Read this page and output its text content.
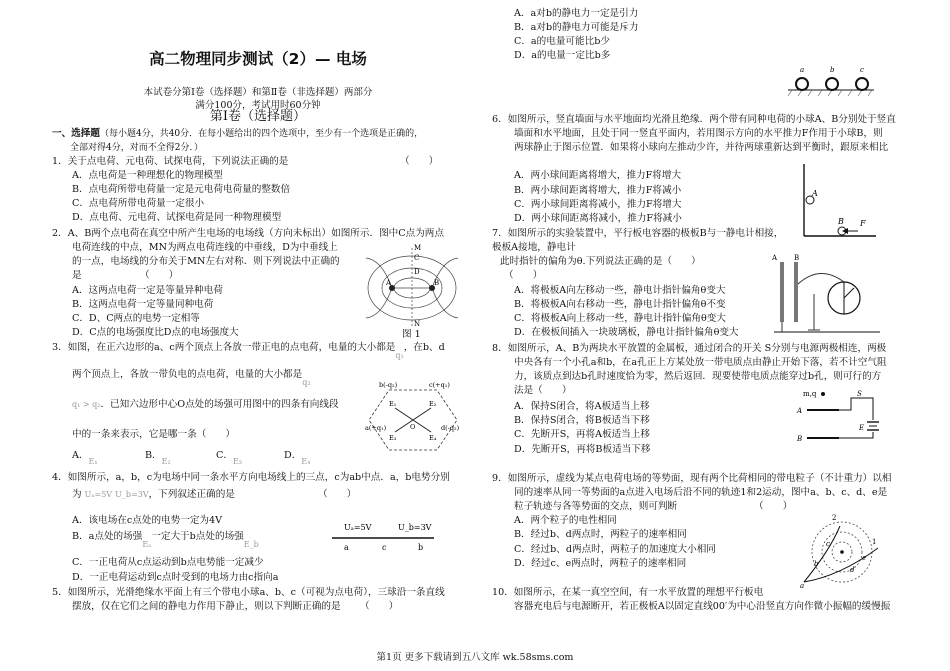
高二物理同步测试（2）— 电场
本试卷分第Ⅰ卷（选择题）和第Ⅱ卷（非选择题）两部分
满分100分，考试用时60分钟
第Ⅰ卷（选择题）
一、选择题（每小题4分，共40分．在每小题给出的四个选项中，至少有一个选项是正确的，
全部对得4分，对而不全得2分．）
1．关于点电荷、元电荷、试探电荷，下列说法正确的是	（　　）
A．点电荷是一种理想化的物理模型
B．点电荷所带电荷量一定是元电荷电荷量的整数倍
C．点电荷所带电荷量一定很小
D．点电荷、元电荷、试探电荷是同一种物理模型
2．A、B两个点电荷在真空中所产生电场的电场线（方向未标出）如图所示．图中C点为两点
电荷连线的中点，MN为两点电荷连线的中垂线，D为中垂线上
的一点，电场线的分布关于MN左右对称．则下列说法中正确的
是	（　　）
A．这两点电荷一定是等量异种电荷
B．这两点电荷一定等量同种电荷
C．D、C两点的电势一定相等
D．C点的电场强度比D点的电场强度大
C
D
M
N
A	B
图 1
3．如图，在正六边形的a、c两个顶点上各放一带正电的点电荷，电量的大小都是$_{q_1}$，在b、d
两个顶点上，各放一带负电的点电荷，电量的大小都是$_{q_2}$
q₁ > q₂．已知六边形中心O点处的场强可用图中的四条有向线段
中的一条来表示，它是哪一条（　　）
A．$_{E_1}$
B．$_{E_2}$
C．$_{E_3}$
D．$_{E_4}$
b(-q₂)	c(+q₁)
a(+q₁)	d(-q₂)
E₁	E₂
E₃	E₄
O
4．如图所示，a，b，c为电场中同一条水平方向电场线上的三点，c为ab中点．a，b电势分别
为 Uₐ=5V U_b=3V，下列叙述正确的是	（　　）
A．该电场在c点处的电势一定为4V
B．a点处的场强$_{E_a}$一定大于b点处的场强$_{E\_b}$
C．一正电荷从c点运动到b点电势能一定减少
D．一正电荷运动到c点时受到的电场力由c指向a
Uₐ=5V	U_b=3V
a	c	b
5．如图所示，光滑绝缘水平面上有三个带电小球a、b、c（可视为点电荷），三球沿一条直线
摆放，仅在它们之间的静电力作用下静止，则以下判断正确的是 （　　）
A．a对b的静电力一定是引力
B．a对b的静电力可能是斥力
C．a的电量可能比b少
D．a的电量一定比b多
a	b	c
6．如图所示，竖直墙面与水平地面均光滑且绝缘．两个带有同种电荷的小球A、B分别处于竖直
墙面和水平地面，且处于同一竖直平面内，若用图示方向的水平推力F作用于小球B，则
两球静止于图示位置．如果将小球向左推动少许，并待两球重新达到平衡时，跟原来相比
A．两小球间距离将增大，推力F将增大
B．两小球间距离将增大，推力F将减小
C．两小球间距离将减小，推力F将增大
D．两小球间距离将减小，推力F将减小
A
B F
7．如图所示的实验装置中，平行板电容器的极板B与一静电计相接，
极板A接地，静电计
此时指针的偏角为θ.下列说法正确的是（　　）
（　　）
A．将极板A向左移动一些，静电计指针偏角θ变大
B．将极板A向右移动一些，静电计指针偏角θ不变
C．将极板A向上移动一些，静电计指针偏角θ变大
D．在极板间插入一块玻璃板，静电计指针偏角θ变大
A B
8．如图所示，A、B为两块水平放置的金属板，通过闭合的开关 S分别与电源两极相连，两极
中央各有一个小孔a和b，在a孔正上方某处放一带电质点由静止开始下落，若不计空气阻
力，该质点到达b孔时速度恰为零，然后返回．现要使带电质点能穿过b孔，则可行的方
法是（　　）
A．保持S闭合，将A板适当上移
B．保持S闭合，将B板适当下移
C．先断开S，再将A板适当上移
D．先断开S，再将B板适当下移
m,q
A
B
S
E
9．如图所示，虚线为某点电荷电场的等势面，现有两个比荷相同的带电粒子（不计重力）以相
同的速率从同一等势面的a点进入电场后沿不同的轨迹1和2运动，图中a、b、c、d、e是
粒子轨迹与各等势面的交点，则可判断	（　　）
A．两个粒子的电性相同
B．经过b、d两点时，两粒子的速率相同
C．经过b、d两点时，两粒子的加速度大小相同
D．经过c、e两点时，两粒子的速率相同
2
1
a
b
c
d
e
10．如图所示，在某一真空空间，有一水平放置的理想平行板电
容器充电后与电源断开，若正极板A以固定直线00′为中心沿竖直方向作微小振幅的缓慢振
第1页 更多下载请到五八文库 wk.58sms.com
